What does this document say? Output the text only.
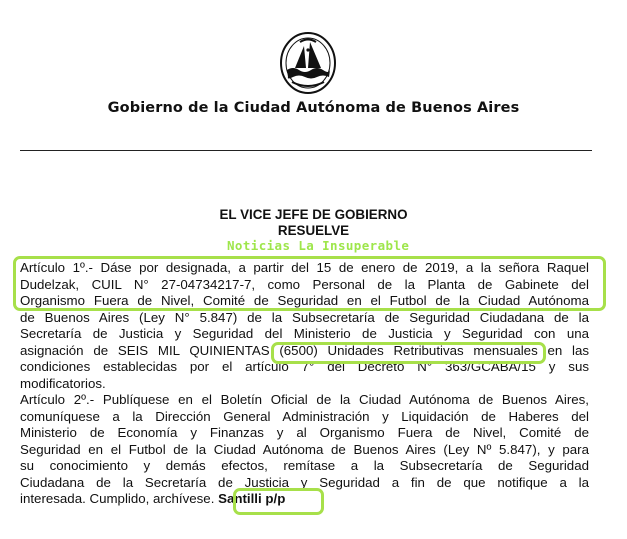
Gobierno de la Ciudad Autónoma de Buenos Aires
EL VICE JEFE DE GOBIERNO
RESUELVE
Noticias La Insuperable

Artículo 1º.- Dáse por designada, a partir del 15 de enero de 2019, a la señora Raquel
Dudelzak, CUIL N° 27-04734217-7, como Personal de la Planta de Gabinete del
Organismo Fuera de Nivel, Comité de Seguridad en el Futbol de la Ciudad Autónoma
de Buenos Aires (Ley N° 5.847) de la Subsecretaría de Seguridad Ciudadana de la
Secretaría de Justicia y Seguridad del Ministerio de Justicia y Seguridad con una
asignación de SEIS MIL QUINIENTAS (6500) Unidades Retributivas mensuales en las
condiciones establecidas por el artículo 7° del Decreto N° 363/GCABA/15 y sus
modificatorios.

Artículo 2º.- Publíquese en el Boletín Oficial de la Ciudad Autónoma de Buenos Aires,
comuníquese a la Dirección General Administración y Liquidación de Haberes del
Ministerio de Economía y Finanzas y al Organismo Fuera de Nivel, Comité de
Seguridad en el Futbol de la Ciudad Autónoma de Buenos Aires (Ley Nº 5.847), y para
su conocimiento y demás efectos, remítase a la Subsecretaría de Seguridad
Ciudadana de la Secretaría de Justicia y Seguridad a fin de que notifique a la
interesada. Cumplido, archívese. Santilli p/p
